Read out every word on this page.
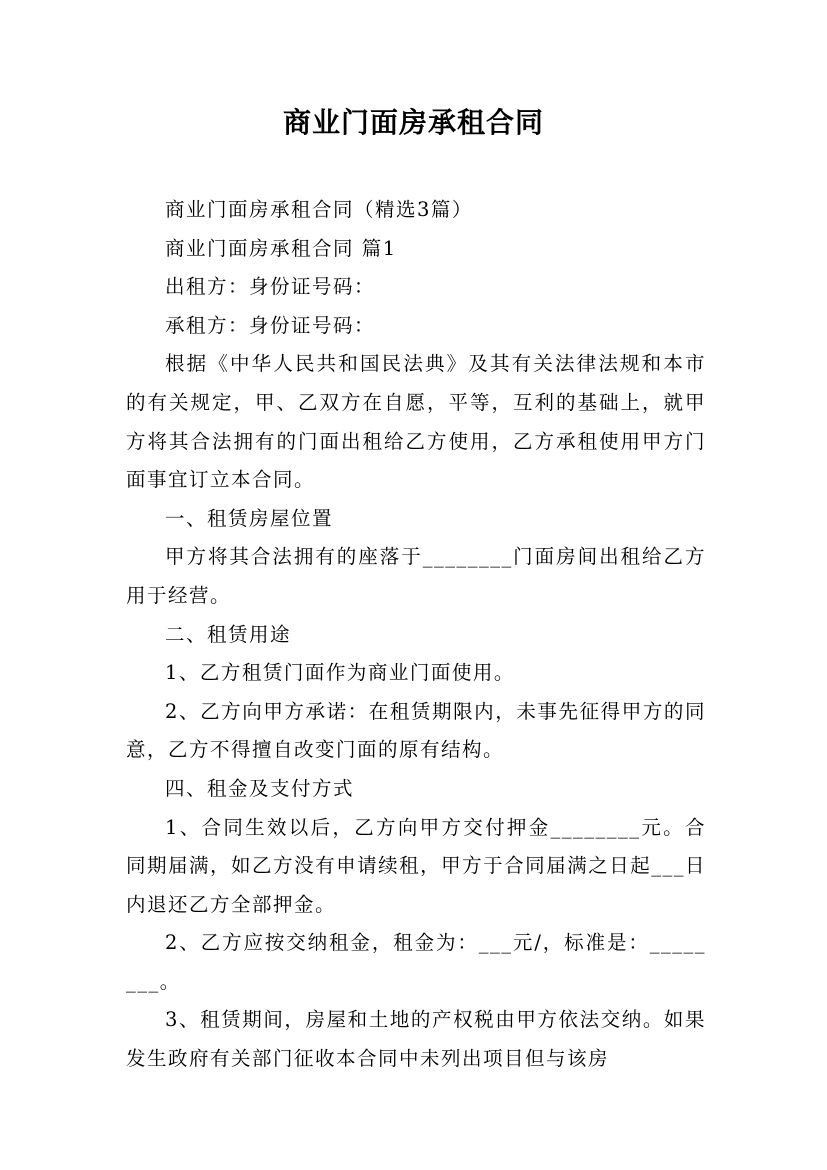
商业门面房承租合同

商业门面房承租合同（精选3篇）

商业门面房承租合同 篇1

出租方：身份证号码：

承租方：身份证号码：

根据《中华人民共和国民法典》及其有关法律法规和本市的有关规定，甲、乙双方在自愿，平等，互利的基础上，就甲方将其合法拥有的门面出租给乙方使用，乙方承租使用甲方门面事宜订立本合同。

一、租赁房屋位置

甲方将其合法拥有的座落于________门面房间出租给乙方用于经营。

二、租赁用途

1、乙方租赁门面作为商业门面使用。

2、乙方向甲方承诺：在租赁期限内，未事先征得甲方的同意，乙方不得擅自改变门面的原有结构。

四、租金及支付方式

1、合同生效以后，乙方向甲方交付押金________元。合同期届满，如乙方没有申请续租，甲方于合同届满之日起___日内退还乙方全部押金。

2、乙方应按交纳租金，租金为：___元/，标准是：________。

3、租赁期间，房屋和土地的产权税由甲方依法交纳。如果发生政府有关部门征收本合同中未列出项目但与该房
